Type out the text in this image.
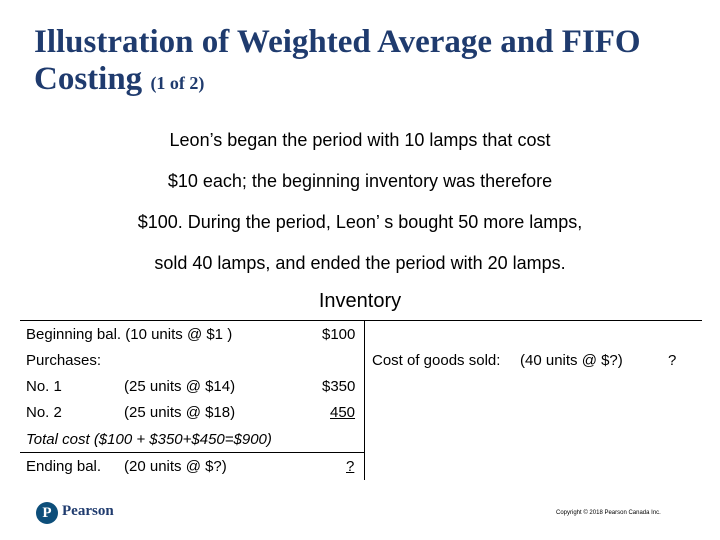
Illustration of Weighted Average and FIFO
Costing (1 of 2)
Leon’s began the period with 10 lamps that cost
$10 each; the beginning inventory was therefore
$100. During the period, Leon’ s bought 50 more lamps,
sold 40 lamps, and ended the period with 20 lamps.
Inventory
Beginning bal. (10 units @ $1 )	$100
Purchases:
No. 1	(25 units @ $14)	$350
No. 2	(25 units @ $18)	450
Total cost ($100 + $350+$450=$900)
Ending bal. (20 units @ $?)	?
Cost of goods sold: (40 units @ $?)	?
P Pearson	Copyright © 2018 Pearson Canada Inc.
